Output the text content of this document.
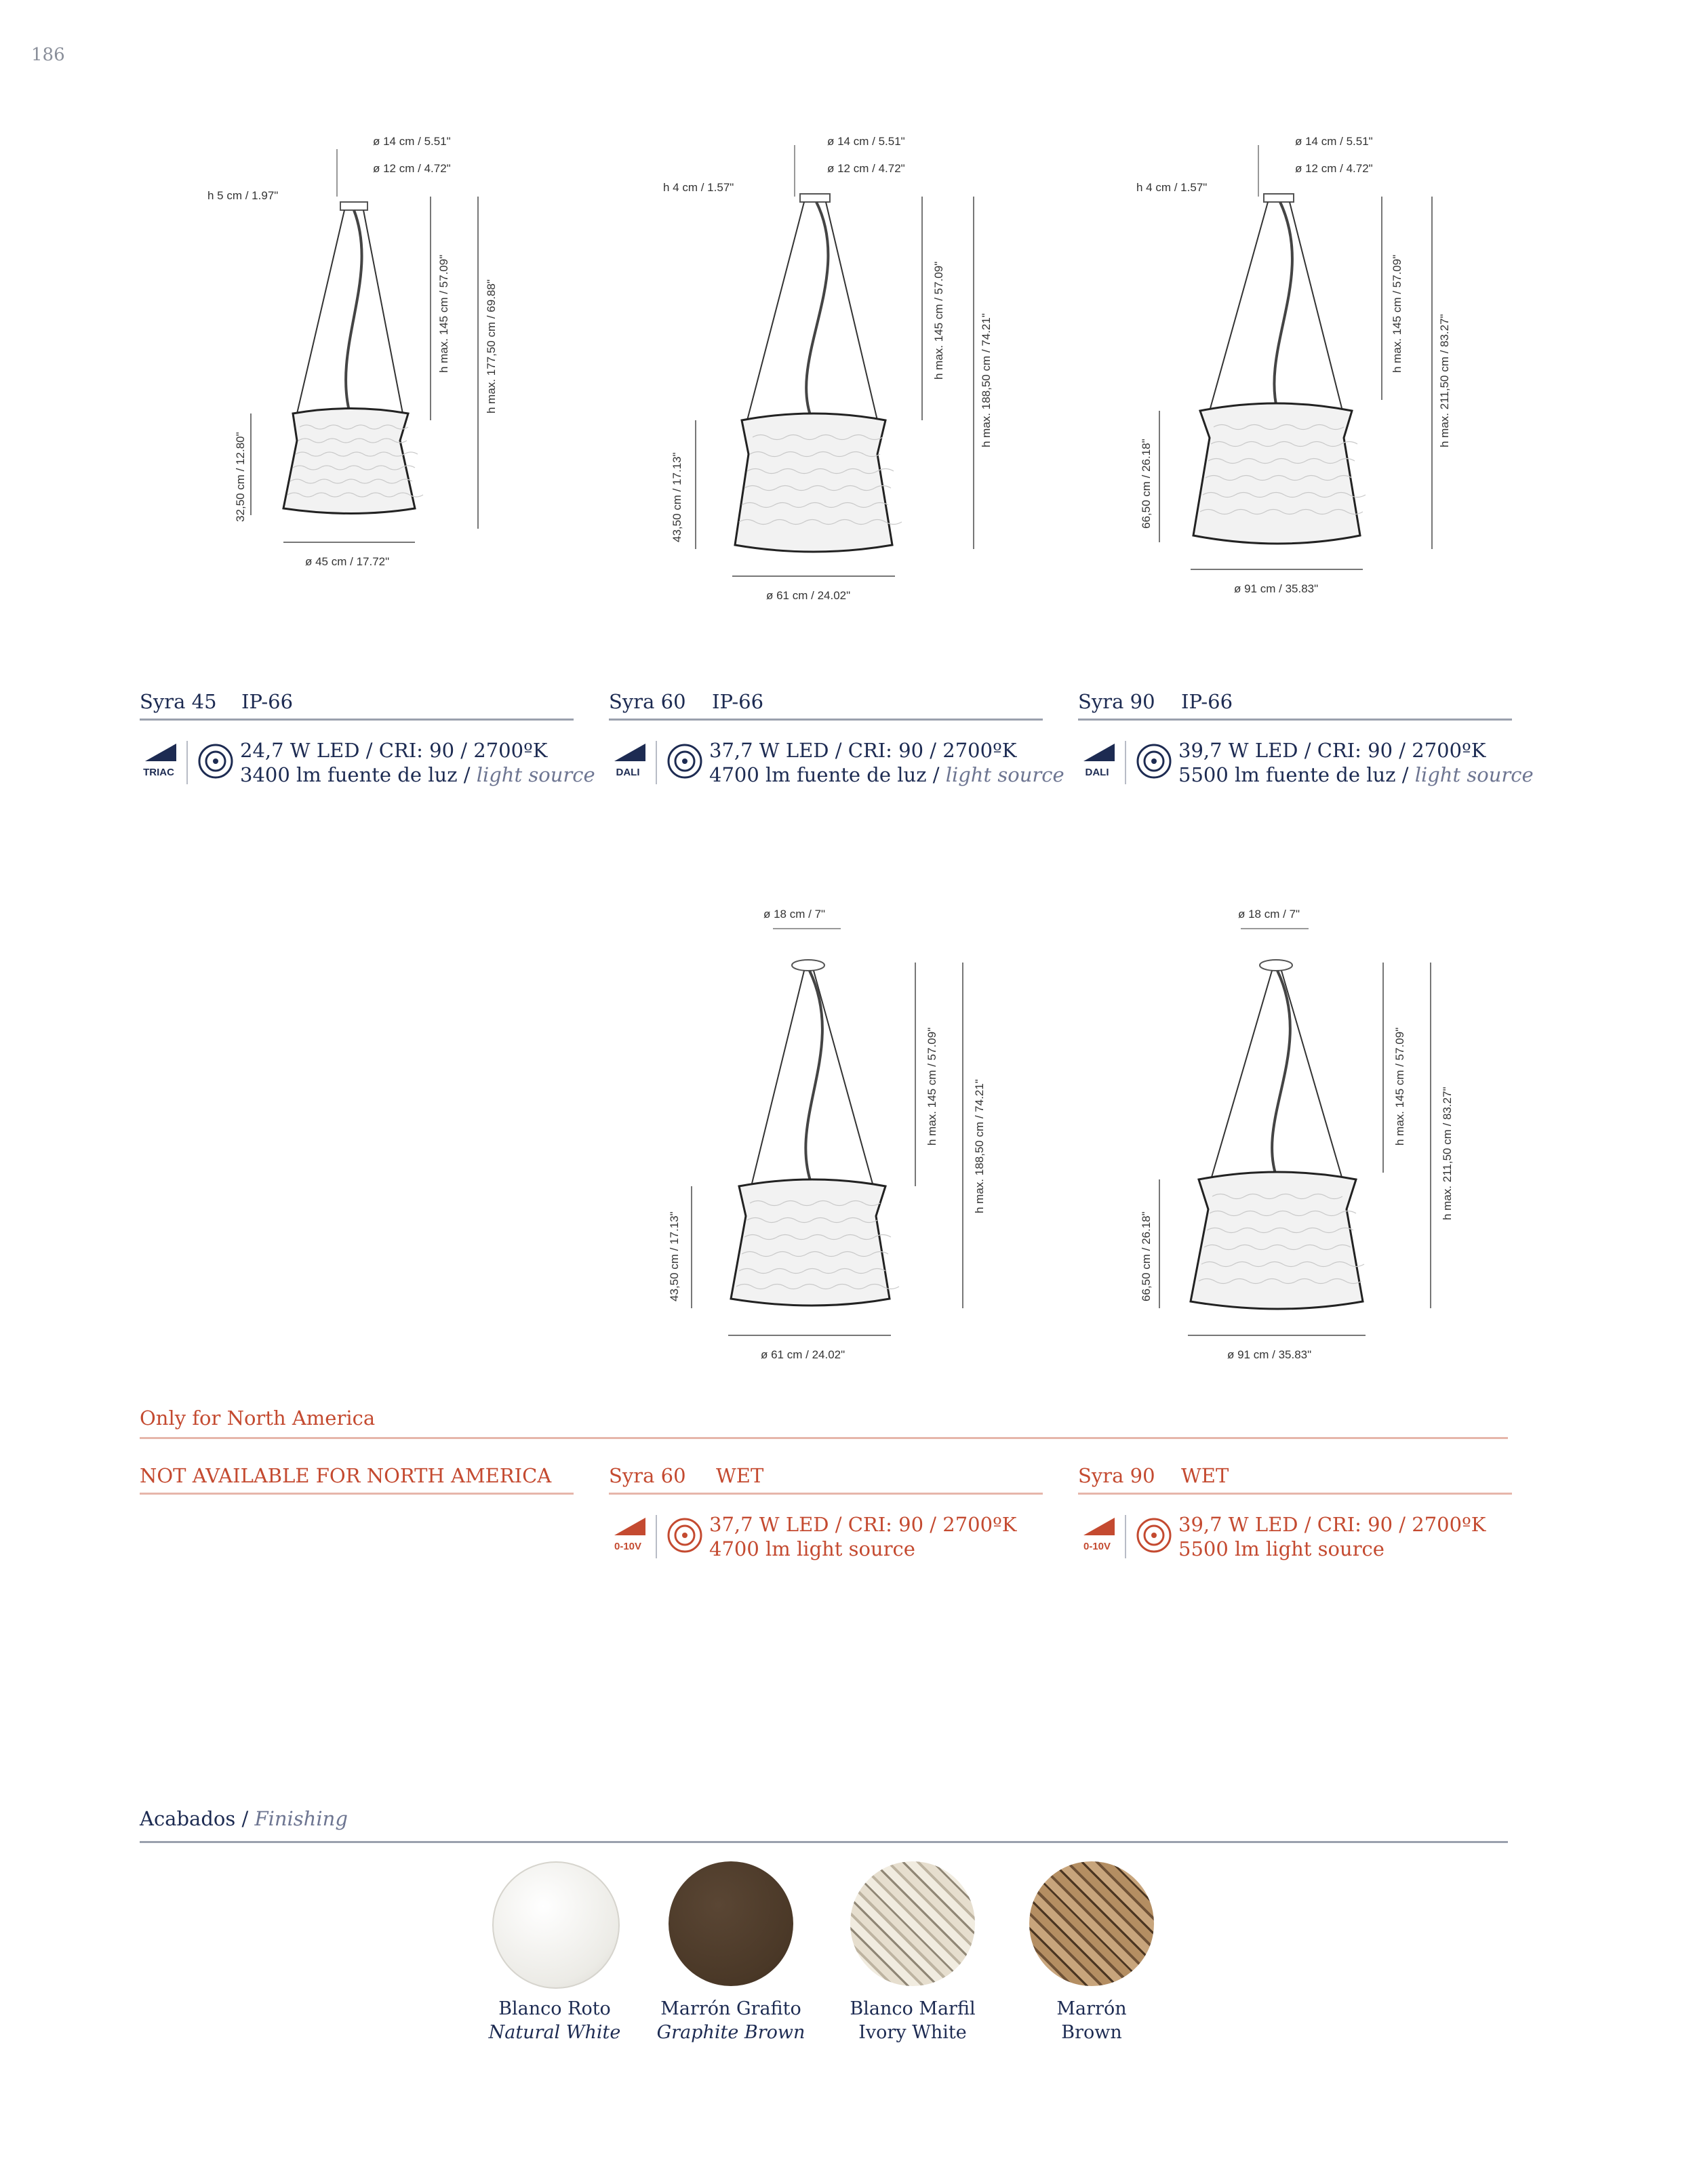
186
ø 14 cm / 5.51"
ø 12 cm / 4.72"
h 5 cm / 1.97"
h max. 145 cm / 57.09"	h max. 177,50 cm / 69.88"
32,50 cm / 12.80"
ø 45 cm / 17.72"
ø 14 cm / 5.51"
ø 12 cm / 4.72"
h 4 cm / 1.57"
h max. 145 cm / 57.09"	h max. 188,50 cm / 74.21"
43,50 cm / 17.13"
ø 61 cm / 24.02"
ø 14 cm / 5.51"
ø 12 cm / 4.72"
h 4 cm / 1.57"
h max. 145 cm / 57.09"
h max. 211,50 cm / 83.27"
66,50 cm / 26.18"
ø 91 cm / 35.83"
Syra 45 IP-66
TRIAC
24,7 W LED / CRI: 90 / 2700ºK
3400 lm fuente de luz / light source
Syra 60 IP-66
DALI
37,7 W LED / CRI: 90 / 2700ºK
4700 lm fuente de luz / light source
Syra 90 IP-66
DALI
39,7 W LED / CRI: 90 / 2700ºK
5500 lm fuente de luz / light source
ø 18 cm / 7"
h max. 145 cm / 57.09"	h max. 188,50 cm / 74.21"
43,50 cm / 17.13"
ø 61 cm / 24.02"
ø 18 cm / 7"
h max. 145 cm / 57.09"
h max. 211,50 cm / 83.27"
66,50 cm / 26.18"
ø 91 cm / 35.83"
Only for North America
NOT AVAILABLE FOR NORTH AMERICA	Syra 60 WET
0-10V
37,7 W LED / CRI: 90 / 2700ºK
4700 lm light source
Syra 90 WET
0-10V
39,7 W LED / CRI: 90 / 2700ºK
5500 lm light source
Acabados / Finishing
Blanco Roto
Natural White
Marrón Grafito
Graphite Brown
Blanco Marfil
Ivory White
Marrón
Brown
